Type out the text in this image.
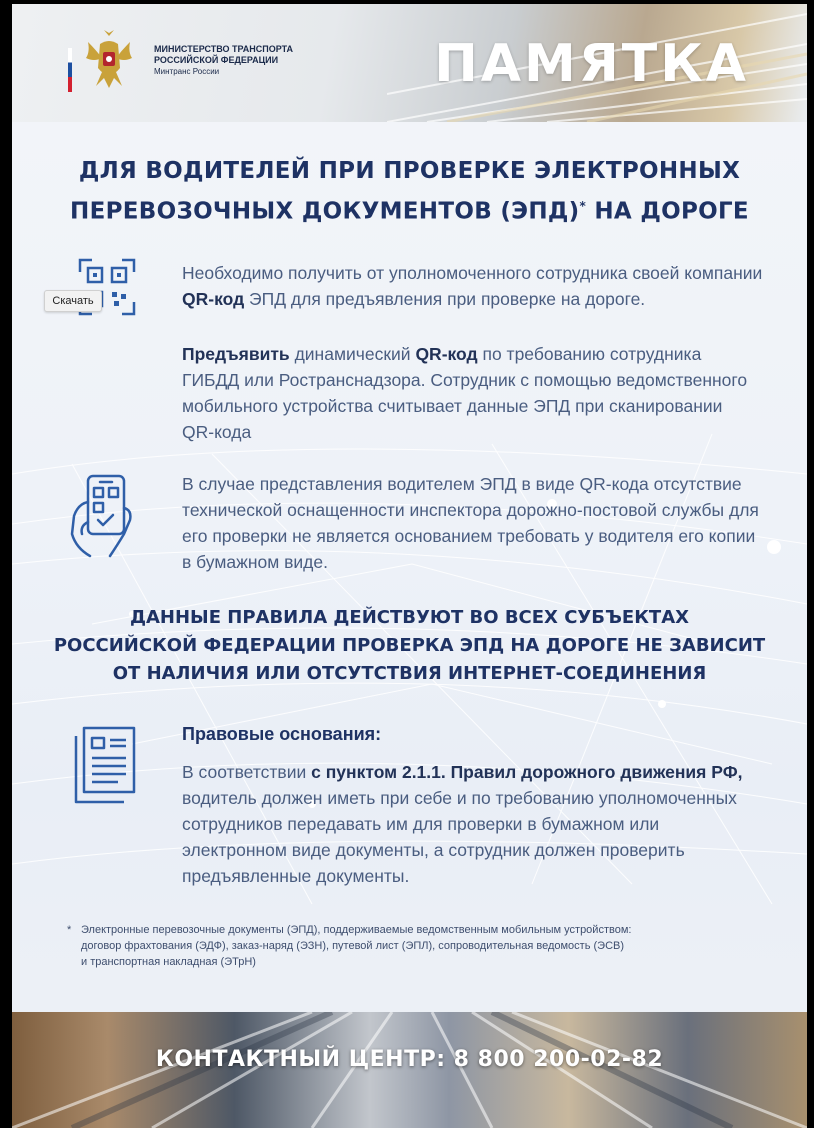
МИНИСТЕРСТВО ТРАНСПОРТА
РОССИЙСКОЙ ФЕДЕРАЦИИ
Минтранс России	ПАМЯТКА
ДЛЯ ВОДИТЕЛЕЙ ПРИ ПРОВЕРКЕ ЭЛЕКТРОННЫХ
ПЕРЕВОЗОЧНЫХ ДОКУМЕНТОВ (ЭПД)* НА ДОРОГЕ
Скачать
Необходимо получить от уполномоченного сотрудника своей компании QR-код ЭПД для предъявления при проверке на дороге.
Предъявить динамический QR-код по требованию сотрудника ГИБДД или Ространснадзора. Сотрудник с помощью ведомственного мобильного устройства считывает данные ЭПД при сканировании QR-кода
В случае представления водителем ЭПД в виде QR-кода отсутствие технической оснащенности инспектора дорожно-постовой службы для его проверки не является основанием требовать у водителя его копии в бумажном виде.
ДАННЫЕ ПРАВИЛА ДЕЙСТВУЮТ ВО ВСЕХ СУБЪЕКТАХ
РОССИЙСКОЙ ФЕДЕРАЦИИ ПРОВЕРКА ЭПД НА ДОРОГЕ НЕ ЗАВИСИТ
ОТ НАЛИЧИЯ ИЛИ ОТСУТСТВИЯ ИНТЕРНЕТ-СОЕДИНЕНИЯ
Правовые основания:
В соответствии с пунктом 2.1.1. Правил дорожного движения РФ, водитель должен иметь при себе и по требованию уполномоченных сотрудников передавать им для проверки в бумажном или электронном виде документы, а сотрудник должен проверить предъявленные документы.
* Электронные перевозочные документы (ЭПД), поддерживаемые ведомственным мобильным устройством:
договор фрахтования (ЭДФ), заказ-наряд (ЭЗН), путевой лист (ЭПЛ), сопроводительная ведомость (ЭСВ)
и транспортная накладная (ЭТрН)
КОНТАКТНЫЙ ЦЕНТР: 8 800 200-02-82
